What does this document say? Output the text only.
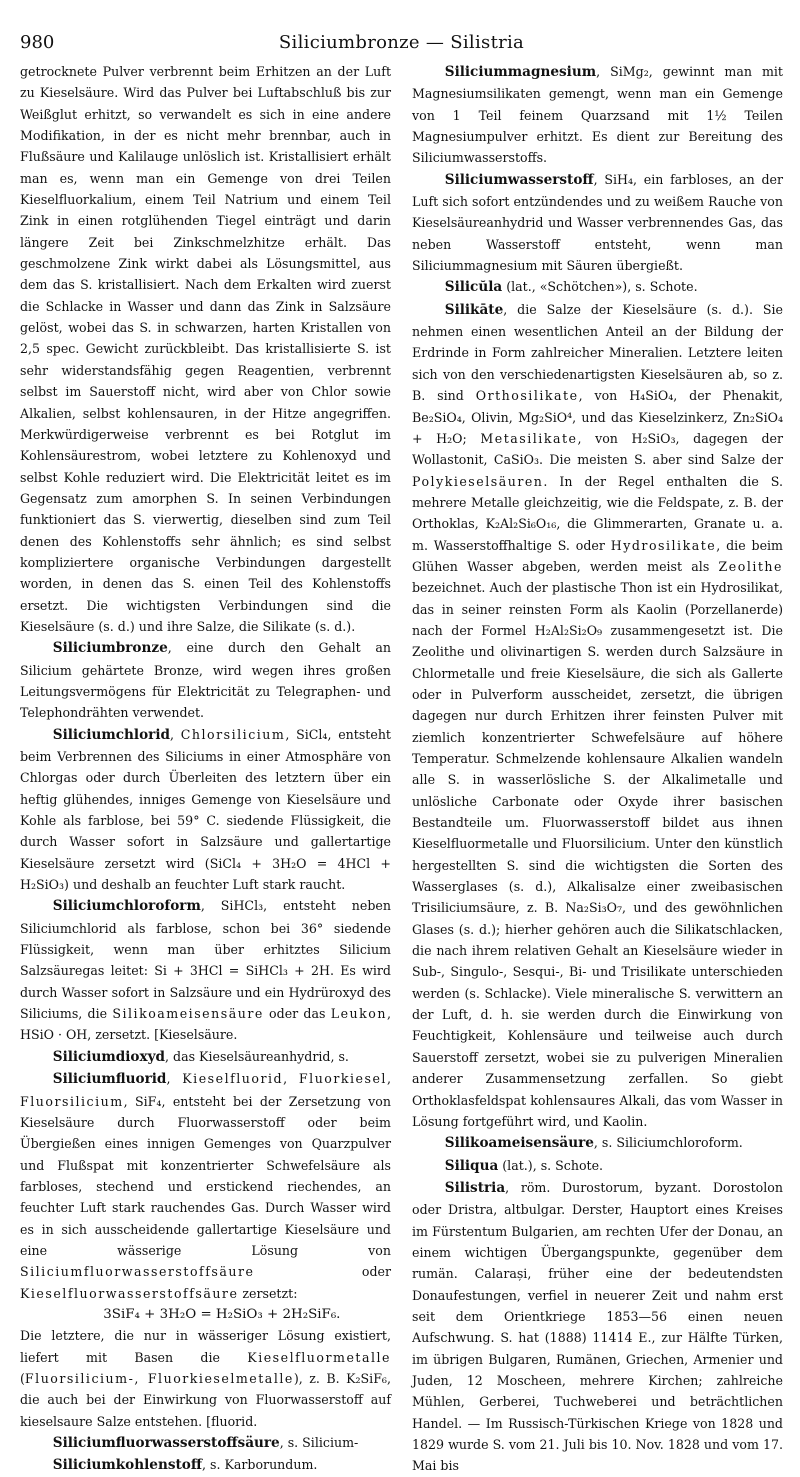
980	Siliciumbronze — Silistria

getrocknete Pulver verbrennt beim Erhitzen an der Luft zu Kieselsäure. Wird das Pulver bei Luftabschluß bis zur Weißglut erhitzt, so verwandelt es sich in eine andere Modifikation, in der es nicht mehr brennbar, auch in Flußsäure und Kalilauge unlöslich ist. Kristallisiert erhält man es, wenn man ein Gemenge von drei Teilen Kieselfluorkalium, einem Teil Natrium und einem Teil Zink in einen rotglühenden Tiegel einträgt und darin längere Zeit bei Zinkschmelzhitze erhält. Das geschmolzene Zink wirkt dabei als Lösungsmittel, aus dem das S. kristallisiert. Nach dem Erkalten wird zuerst die Schlacke in Wasser und dann das Zink in Salzsäure gelöst, wobei das S. in schwarzen, harten Kristallen von 2,5 spec. Gewicht zurückbleibt. Das kristallisierte S. ist sehr widerstandsfähig gegen Reagentien, verbrennt selbst im Sauerstoff nicht, wird aber von Chlor sowie Alkalien, selbst kohlensauren, in der Hitze angegriffen. Merkwürdigerweise verbrennt es bei Rotglut im Kohlensäurestrom, wobei letztere zu Kohlenoxyd und selbst Kohle reduziert wird. Die Elektricität leitet es im Gegensatz zum amorphen S. In seinen Verbindungen funktioniert das S. vierwertig, dieselben sind zum Teil denen des Kohlenstoffs sehr ähnlich; es sind selbst kompliziertere organische Verbindungen dargestellt worden, in denen das S. einen Teil des Kohlenstoffs ersetzt. Die wichtigsten Verbindungen sind die Kieselsäure (s. d.) und ihre Salze, die Silikate (s. d.).

Siliciumbronze, eine durch den Gehalt an Silicium gehärtete Bronze, wird wegen ihres großen Leitungsvermögens für Elektricität zu Telegraphen- und Telephondrähten verwendet.

Siliciumchlorid, Chlorsilicium, SiCl₄, entsteht beim Verbrennen des Siliciums in einer Atmosphäre von Chlorgas oder durch Überleiten des letztern über ein heftig glühendes, inniges Gemenge von Kieselsäure und Kohle als farblose, bei 59° C. siedende Flüssigkeit, die durch Wasser sofort in Salzsäure und gallertartige Kieselsäure zersetzt wird (SiCl₄ + 3H₂O = 4HCl + H₂SiO₃) und deshalb an feuchter Luft stark raucht.

Siliciumchloroform, SiHCl₃, entsteht neben Siliciumchlorid als farblose, schon bei 36° siedende Flüssigkeit, wenn man über erhitztes Silicium Salzsäuregas leitet: Si + 3HCl = SiHCl₃ + 2H. Es wird durch Wasser sofort in Salzsäure und ein Hydrüroxyd des Siliciums, die Silikoameisensäure oder das Leukon, HSiO · OH, zersetzt. [Kieselsäure.

Siliciumdioxyd, das Kieselsäureanhydrid, s.

Siliciumfluorid, Kieselfluorid, Fluorkiesel, Fluorsilicium, SiF₄, entsteht bei der Zersetzung von Kieselsäure durch Fluorwasserstoff oder beim Übergießen eines innigen Gemenges von Quarzpulver und Flußspat mit konzentrierter Schwefelsäure als farbloses, stechend und erstickend riechendes, an feuchter Luft stark rauchendes Gas. Durch Wasser wird es in sich ausscheidende gallertartige Kieselsäure und eine wässerige Lösung von Siliciumfluorwasserstoffsäure oder Kieselfluorwasserstoffsäure zersetzt:
3SiF₄ + 3H₂O = H₂SiO₃ + 2H₂SiF₆.
Die letztere, die nur in wässeriger Lösung existiert, liefert mit Basen die Kieselfluormetalle (Fluorsilicium-, Fluorkieselmetalle), z. B. K₂SiF₆, die auch bei der Einwirkung von Fluorwasserstoff auf kieselsaure Salze entstehen. [fluorid.

Siliciumfluorwasserstoffsäure, s. Silicium-

Siliciumkohlenstoff, s. Karborundum.

Siliciummagnesium, SiMg₂, gewinnt man mit Magnesiumsilikaten gemengt, wenn man ein Gemenge von 1 Teil feinem Quarzsand mit 1½ Teilen Magnesiumpulver erhitzt. Es dient zur Bereitung des Siliciumwasserstoffs.

Siliciumwasserstoff, SiH₄, ein farbloses, an der Luft sich sofort entzündendes und zu weißem Rauche von Kieselsäureanhydrid und Wasser verbrennendes Gas, das neben Wasserstoff entsteht, wenn man Siliciummagnesium mit Säuren übergießt.

Silicŭla (lat., «Schötchen»), s. Schote.

Silikāte, die Salze der Kieselsäure (s. d.). Sie nehmen einen wesentlichen Anteil an der Bildung der Erdrinde in Form zahlreicher Mineralien. Letztere leiten sich von den verschiedenartigsten Kieselsäuren ab, so z. B. sind Orthosilikate, von H₄SiO₄, der Phenakit, Be₂SiO₄, Olivin, Mg₂SiO⁴, und das Kieselzinkerz, Zn₂SiO₄ + H₂O; Metasilikate, von H₂SiO₃, dagegen der Wollastonit, CaSiO₃. Die meisten S. aber sind Salze der Polykieselsäuren. In der Regel enthalten die S. mehrere Metalle gleichzeitig, wie die Feldspate, z. B. der Orthoklas, K₂Al₂Si₆O₁₆, die Glimmerarten, Granate u. a. m. Wasserstoffhaltige S. oder Hydrosilikate, die beim Glühen Wasser abgeben, werden meist als Zeolithe bezeichnet. Auch der plastische Thon ist ein Hydrosilikat, das in seiner reinsten Form als Kaolin (Porzellanerde) nach der Formel H₂Al₂Si₂O₉ zusammengesetzt ist. Die Zeolithe und olivinartigen S. werden durch Salzsäure in Chlormetalle und freie Kieselsäure, die sich als Gallerte oder in Pulverform ausscheidet, zersetzt, die übrigen dagegen nur durch Erhitzen ihrer feinsten Pulver mit ziemlich konzentrierter Schwefelsäure auf höhere Temperatur. Schmelzende kohlensaure Alkalien wandeln alle S. in wasserlösliche S. der Alkalimetalle und unlösliche Carbonate oder Oxyde ihrer basischen Bestandteile um. Fluorwasserstoff bildet aus ihnen Kieselfluormetalle und Fluorsilicium. Unter den künstlich hergestellten S. sind die wichtigsten die Sorten des Wasserglases (s. d.), Alkalisalze einer zweibasischen Trisiliciumsäure, z. B. Na₂Si₃O₇, und des gewöhnlichen Glases (s. d.); hierher gehören auch die Silikatschlacken, die nach ihrem relativen Gehalt an Kieselsäure wieder in Sub-, Singulo-, Sesqui-, Bi- und Trisilikate unterschieden werden (s. Schlacke). Viele mineralische S. verwittern an der Luft, d. h. sie werden durch die Einwirkung von Feuchtigkeit, Kohlensäure und teilweise auch durch Sauerstoff zersetzt, wobei sie zu pulverigen Mineralien anderer Zusammensetzung zerfallen. So giebt Orthoklasfeldspat kohlensaures Alkali, das vom Wasser in Lösung fortgeführt wird, und Kaolin.

Silikoameisensäure, s. Siliciumchloroform.

Siliqua (lat.), s. Schote.

Silistria, röm. Durostorum, byzant. Dorostolon oder Dristra, altbulgar. Derster, Hauptort eines Kreises im Fürstentum Bulgarien, am rechten Ufer der Donau, an einem wichtigen Übergangspunkte, gegenüber dem rumän. Calarași, früher eine der bedeutendsten Donaufestungen, verfiel in neuerer Zeit und nahm erst seit dem Orientkriege 1853—56 einen neuen Aufschwung. S. hat (1888) 11414 E., zur Hälfte Türken, im übrigen Bulgaren, Rumänen, Griechen, Armenier und Juden, 12 Moscheen, mehrere Kirchen; zahlreiche Mühlen, Gerberei, Tuchweberei und beträchtlichen Handel. — Im Russisch-Türkischen Kriege von 1828 und 1829 wurde S. vom 21. Juli bis 10. Nov. 1828 und vom 17. Mai bis
